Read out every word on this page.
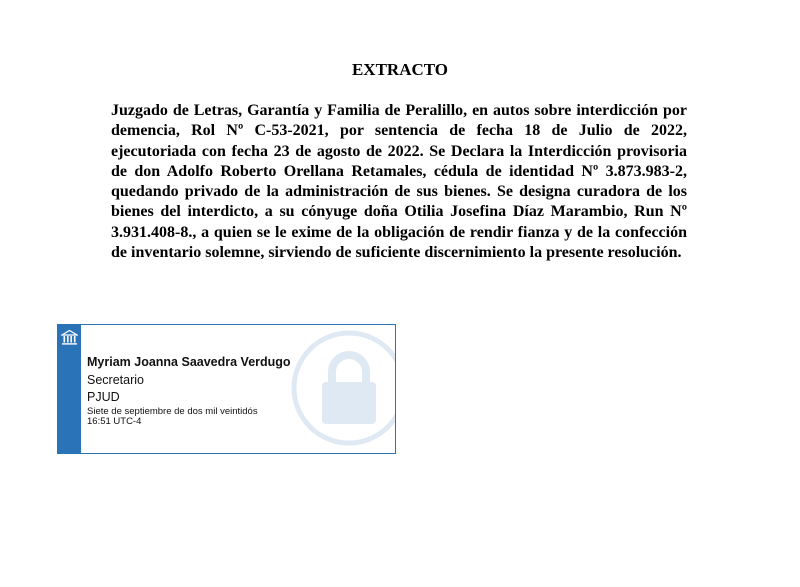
EXTRACTO
Juzgado de Letras, Garantía y Familia de Peralillo, en autos sobre interdicción por demencia, Rol Nº C-53-2021, por sentencia de fecha 18 de Julio de 2022, ejecutoriada con fecha 23 de agosto de 2022. Se Declara la Interdicción provisoria de don Adolfo Roberto Orellana Retamales, cédula de identidad Nº 3.873.983-2, quedando privado de la administración de sus bienes. Se designa curadora de los bienes del interdicto, a su cónyuge doña Otilia Josefina Díaz Marambio, Run Nº 3.931.408-8., a quien se le exime de la obligación de rendir fianza y de la confección de inventario solemne, sirviendo de suficiente discernimiento la presente resolución.
Myriam Joanna Saavedra Verdugo
Secretario
PJUD
Siete de septiembre de dos mil veintidós
16:51 UTC-4
